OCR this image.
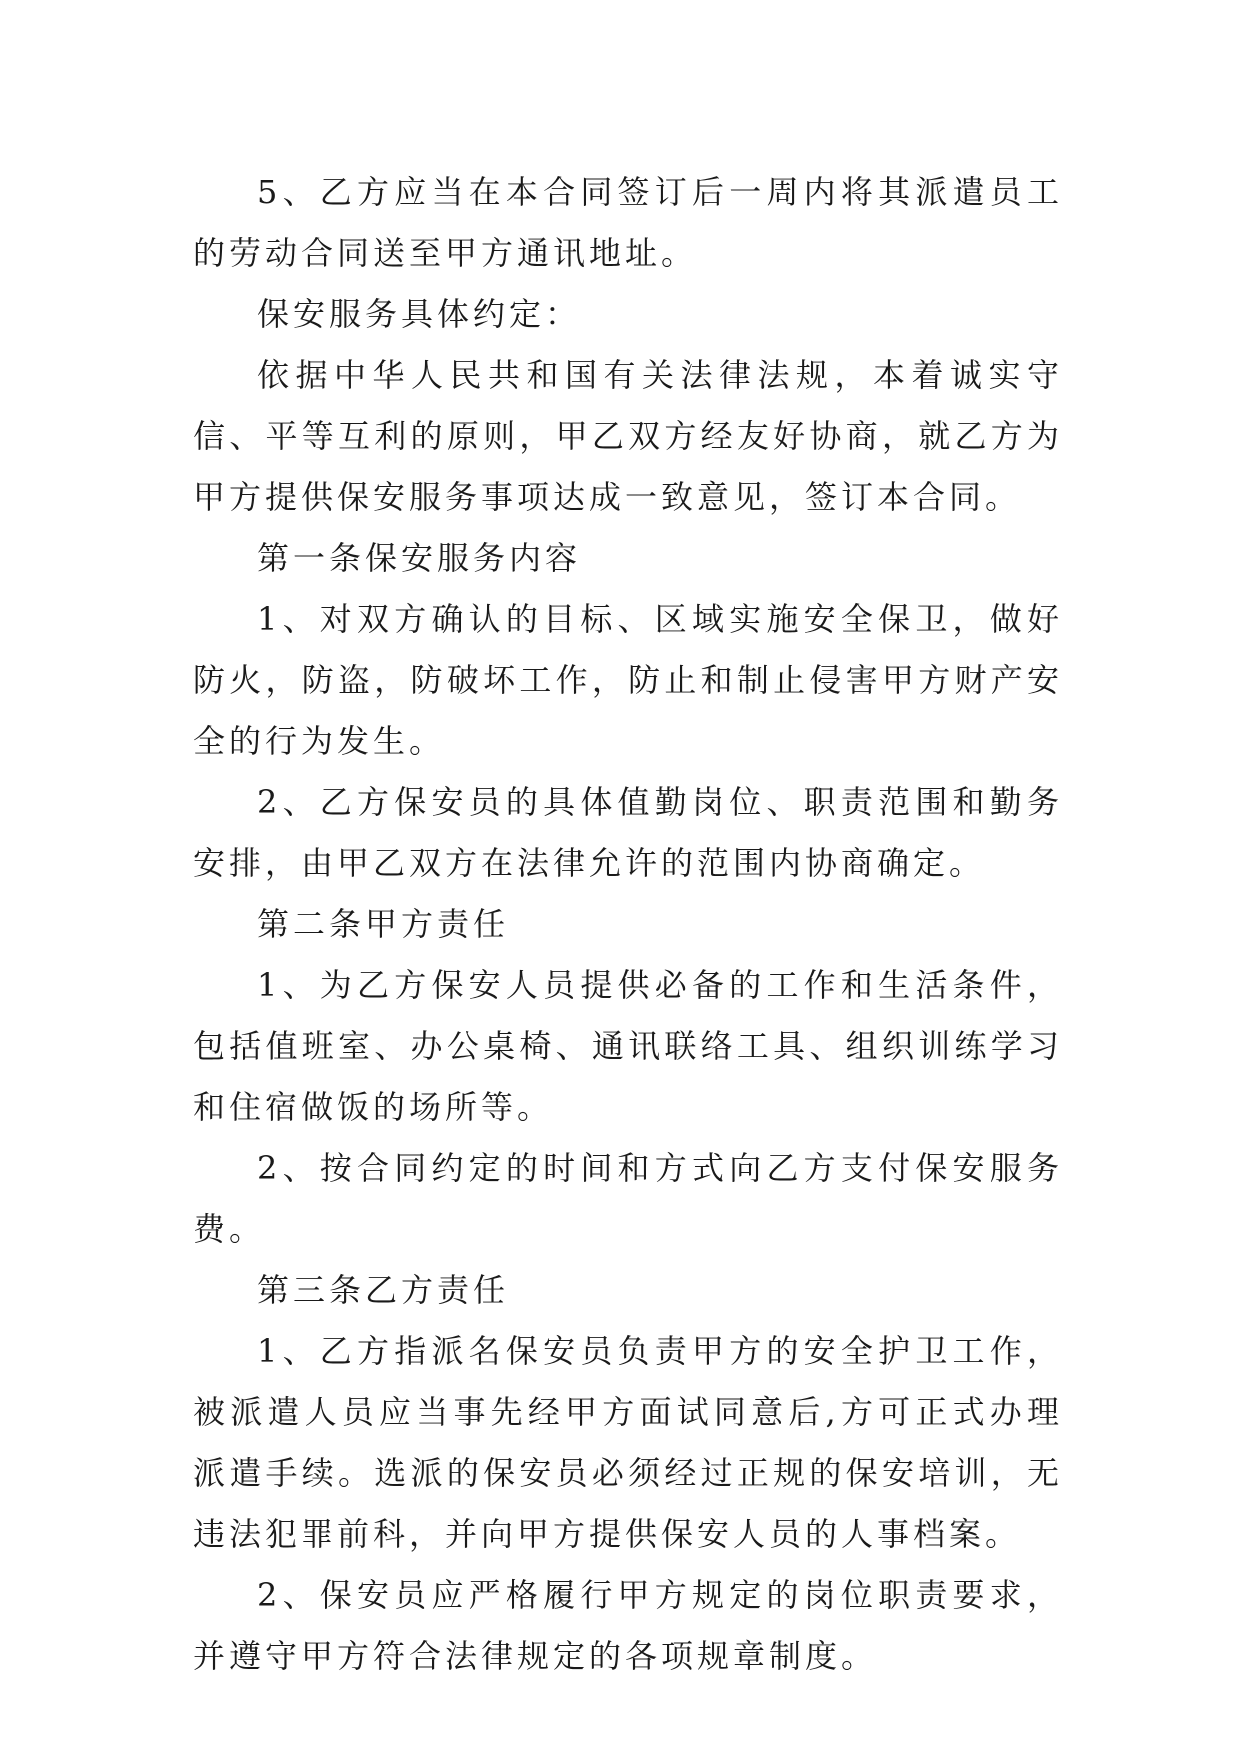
5、乙方应当在本合同签订后一周内将其派遣员工的劳动合同送至甲方通讯地址。

保安服务具体约定：

依据中华人民共和国有关法律法规，本着诚实守信、平等互利的原则，甲乙双方经友好协商，就乙方为甲方提供保安服务事项达成一致意见，签订本合同。

第一条保安服务内容

1、对双方确认的目标、区域实施安全保卫，做好防火，防盗，防破坏工作，防止和制止侵害甲方财产安全的行为发生。

2、乙方保安员的具体值勤岗位、职责范围和勤务安排，由甲乙双方在法律允许的范围内协商确定。

第二条甲方责任

1、为乙方保安人员提供必备的工作和生活条件，包括值班室、办公桌椅、通讯联络工具、组织训练学习和住宿做饭的场所等。

2、按合同约定的时间和方式向乙方支付保安服务费。

第三条乙方责任

1、乙方指派名保安员负责甲方的安全护卫工作，被派遣人员应当事先经甲方面试同意后,方可正式办理派遣手续。选派的保安员必须经过正规的保安培训，无违法犯罪前科，并向甲方提供保安人员的人事档案。

2、保安员应严格履行甲方规定的岗位职责要求，并遵守甲方符合法律规定的各项规章制度。
